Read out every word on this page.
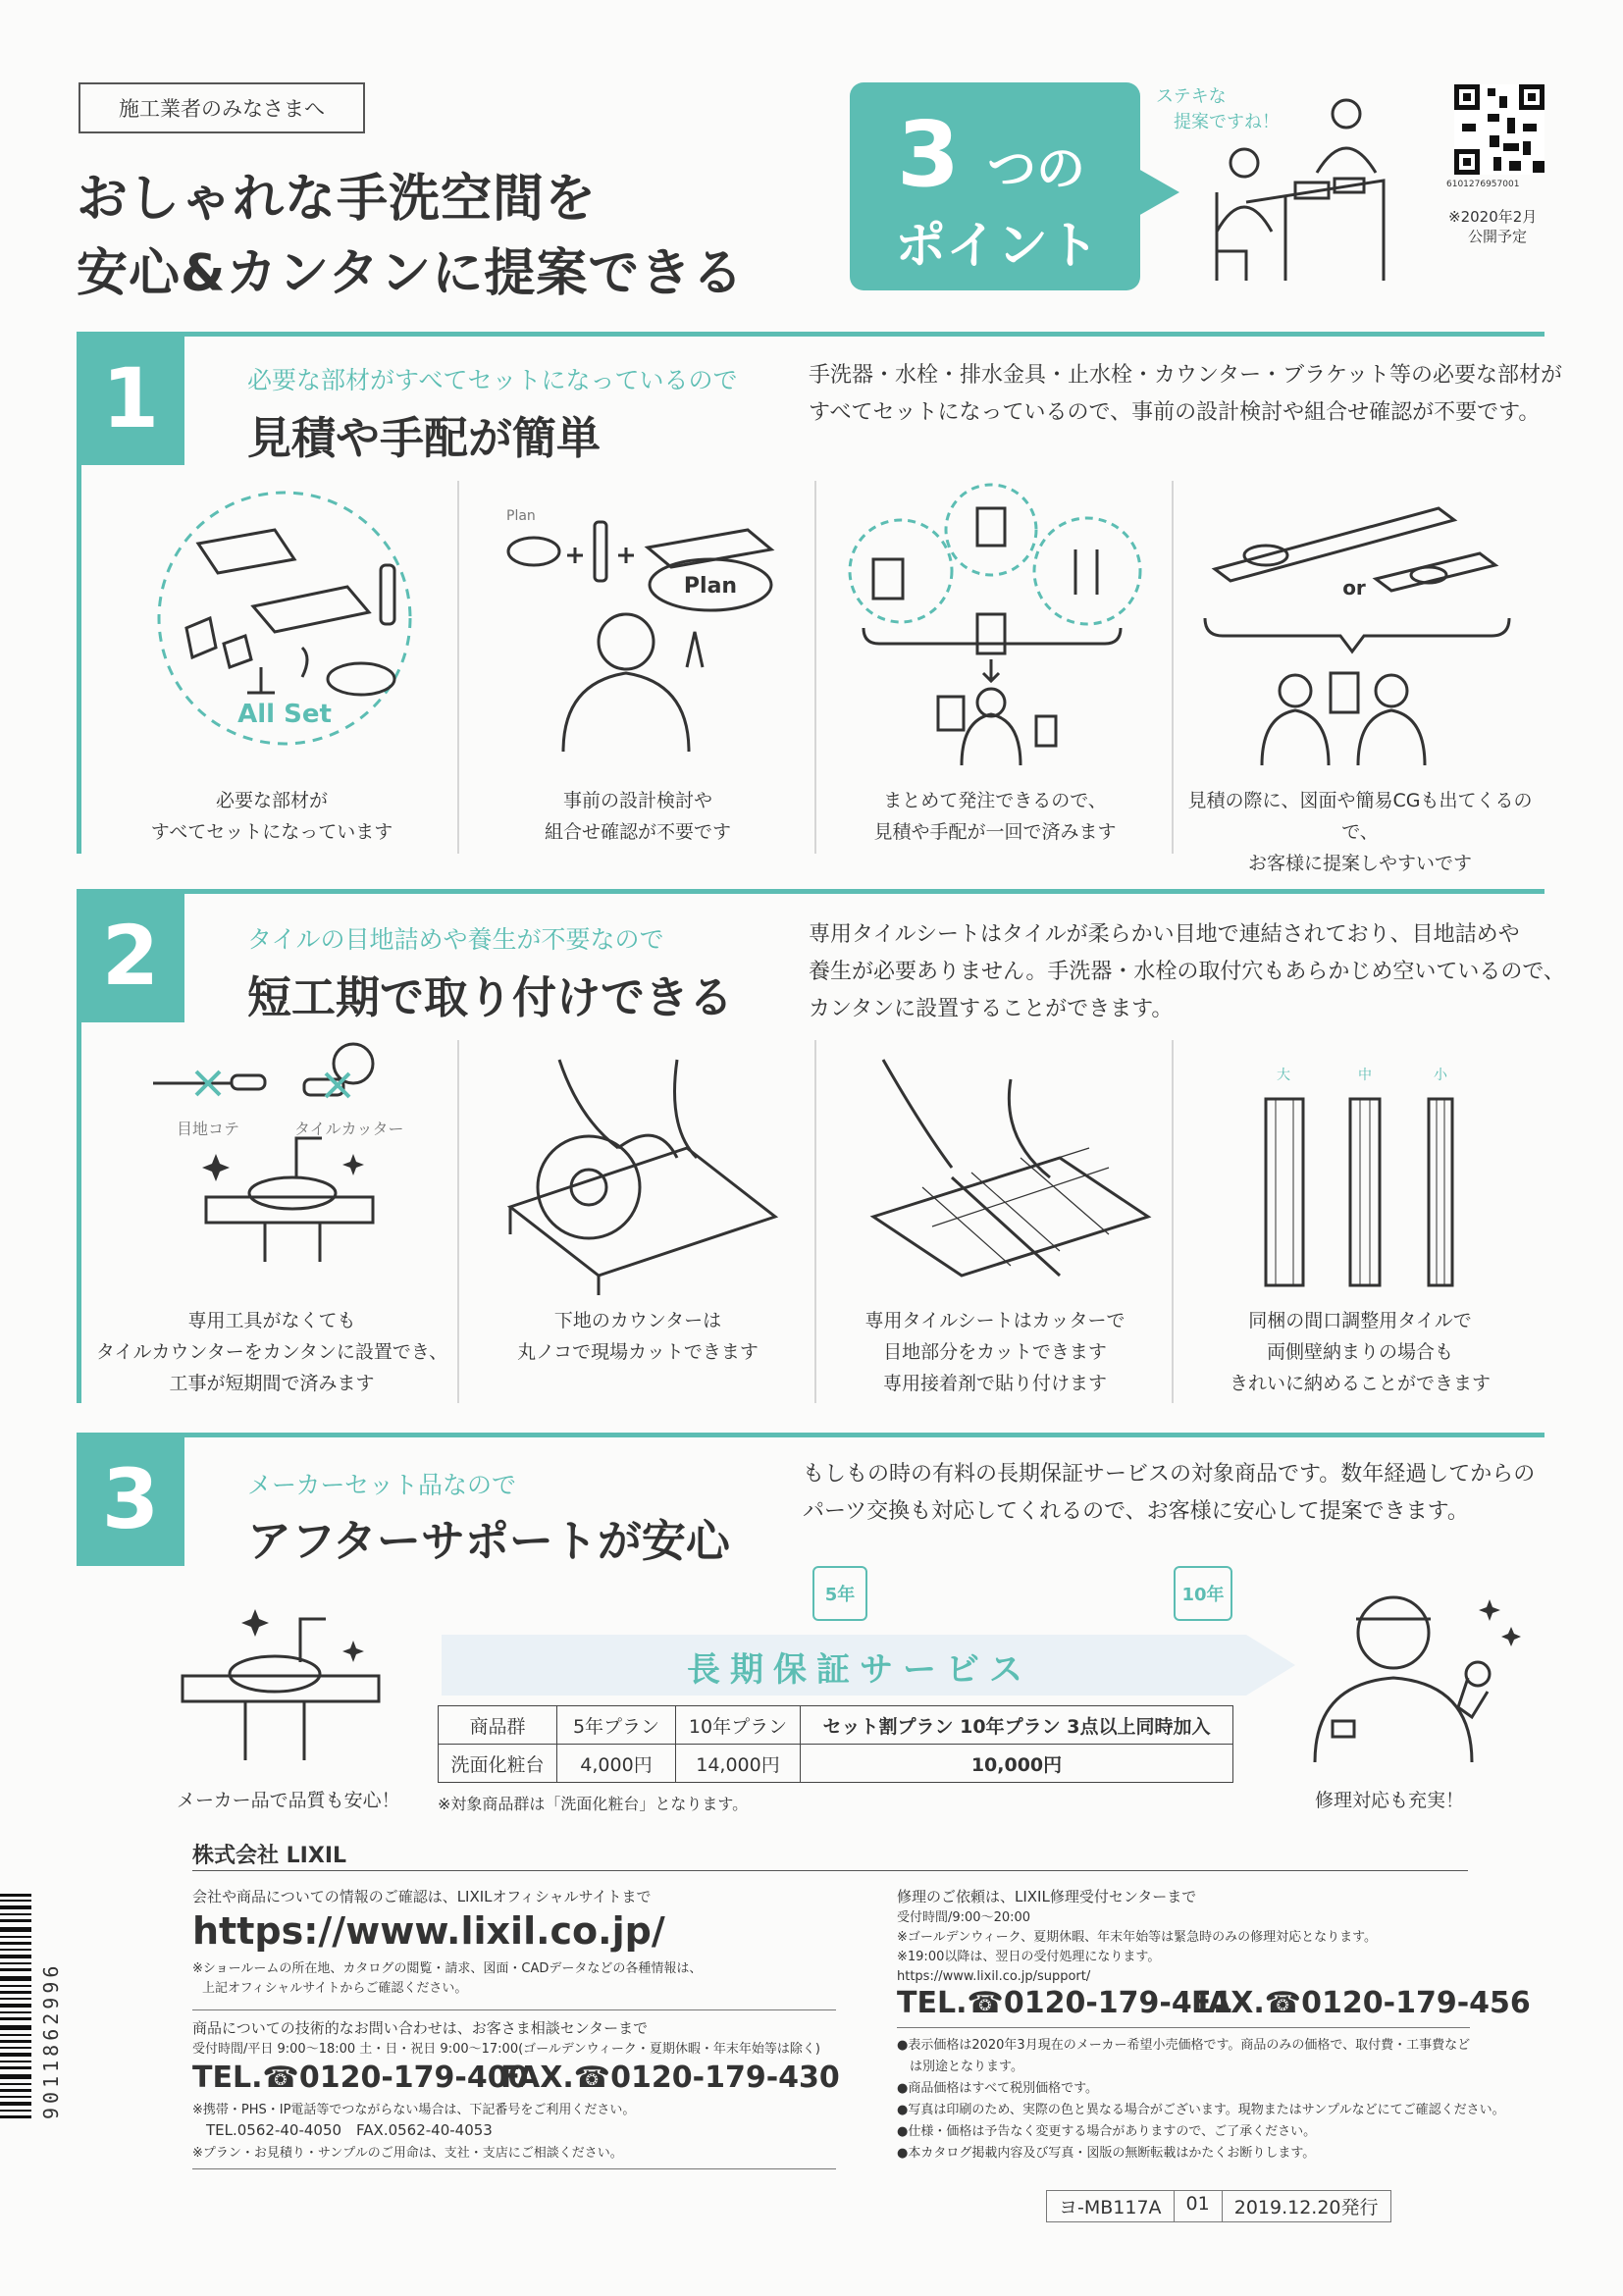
施工業者のみなさまへ
おしゃれな手洗空間を
安心&カンタンに提案できる
3 つの
ポイント
ステキな
提案ですね！
6101276957001
※2020年2月
公開予定
1	必要な部材がすべてセットになっているので
見積や手配が簡単
手洗器・水栓・排水金具・止水栓・カウンター・ブラケット等の必要な部材が
すべてセットになっているので、事前の設計検討や組合せ確認が不要です。
All Set
必要な部材が
すべてセットになっています
Plan
Plan
事前の設計検討や
組合せ確認が不要です
まとめて発注できるので、
見積や手配が一回で済みます
or
見積の際に、図面や簡易CGも出てくるので、
お客様に提案しやすいです
2	タイルの目地詰めや養生が不要なので
短工期で取り付けできる
専用タイルシートはタイルが柔らかい目地で連結されており、目地詰めや
養生が必要ありません。手洗器・水栓の取付穴もあらかじめ空いているので、
カンタンに設置することができます。
目地コテ	タイルカッター
専用工具がなくても
タイルカウンターをカンタンに設置でき、
工事が短期間で済みます
下地のカウンターは
丸ノコで現場カットできます
専用タイルシートはカッターで
目地部分をカットできます
専用接着剤で貼り付けます
大	中	小
同梱の間口調整用タイルで
両側壁納まりの場合も
きれいに納めることができます
3	メーカーセット品なので
アフターサポートが安心
もしもの時の有料の長期保証サービスの対象商品です。数年経過してからの
パーツ交換も対応してくれるので、お客様に安心して提案できます。
メーカー品で品質も安心！
5年	10年
長期保証サービス
商品群	5年プラン	10年プラン	セット割プラン 10年プラン 3点以上同時加入
洗面化粧台	4,000円	14,000円	10,000円
※対象商品群は「洗面化粧台」となります。	修理対応も充実！
株式会社 LIXIL
会社や商品についての情報のご確認は、LIXILオフィシャルサイトまで
https://www.lixil.co.jp/
※ショールームの所在地、カタログの閲覧・請求、図面・CADデータなどの各種情報は、
上記オフィシャルサイトからご確認ください。
商品についての技術的なお問い合わせは、お客さま相談センターまで
受付時間/平日 9:00～18:00 土・日・祝日 9:00～17:00(ゴールデンウィーク・夏期休暇・年末年始等は除く)
TEL.☎0120-179-400
FAX.☎0120-179-430
※携帯・PHS・IP電話等でつながらない場合は、下記番号をご利用ください。
TEL.0562-40-4050　FAX.0562-40-4053
※プラン・お見積り・サンプルのご用命は、支社・支店にご相談ください。
修理のご依頼は、LIXIL修理受付センターまで
受付時間/9:00～20:00
※ゴールデンウィーク、夏期休暇、年末年始等は緊急時のみの修理対応となります。
※19:00以降は、翌日の受付処理になります。
https://www.lixil.co.jp/support/
TEL.☎0120-179-411
FAX.☎0120-179-456
●表示価格は2020年3月現在のメーカー希望小売価格です。商品のみの価格で、取付費・工事費など
　は別途となります。
●商品価格はすべて税別価格です。
●写真は印刷のため、実際の色と異なる場合がございます。現物またはサンプルなどにてご確認ください。
●仕様・価格は予告なく変更する場合がありますので、ご了承ください。
●本カタログ掲載内容及び写真・図版の無断転載はかたくお断りします。
ヨ-MB117A	01	2019.12.20発行
9011862996
